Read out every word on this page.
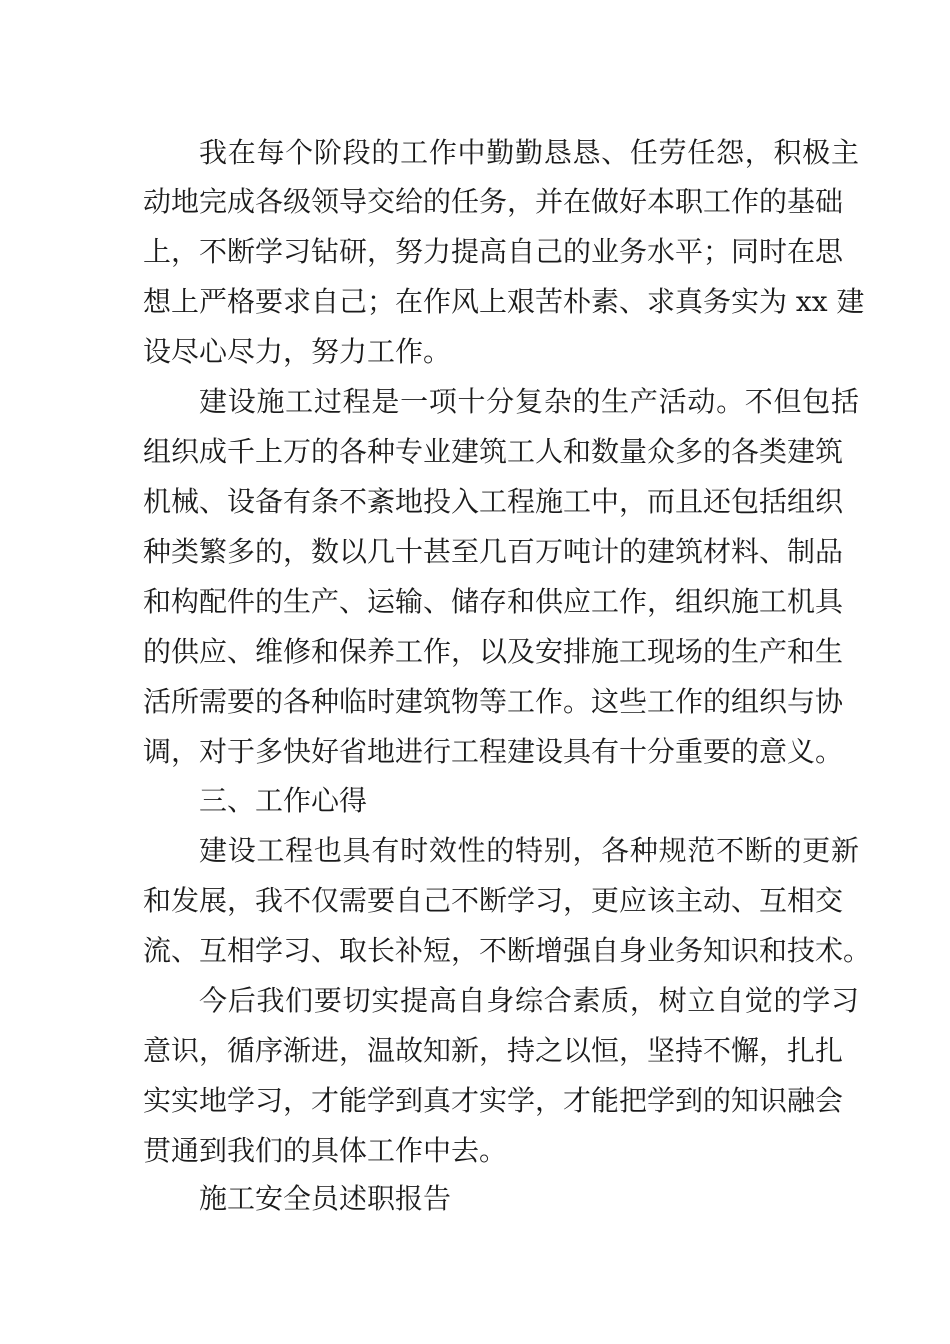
我在每个阶段的工作中勤勤恳恳、任劳任怨，积极主
动地完成各级领导交给的任务，并在做好本职工作的基础
上，不断学习钻研，努力提高自己的业务水平；同时在思
想上严格要求自己；在作风上艰苦朴素、求真务实为 xx 建
设尽心尽力，努力工作。
建设施工过程是一项十分复杂的生产活动。不但包括
组织成千上万的各种专业建筑工人和数量众多的各类建筑
机械、设备有条不紊地投入工程施工中，而且还包括组织
种类繁多的，数以几十甚至几百万吨计的建筑材料、制品
和构配件的生产、运输、储存和供应工作，组织施工机具
的供应、维修和保养工作，以及安排施工现场的生产和生
活所需要的各种临时建筑物等工作。这些工作的组织与协
调，对于多快好省地进行工程建设具有十分重要的意义。
三、工作心得
建设工程也具有时效性的特别，各种规范不断的更新
和发展，我不仅需要自己不断学习，更应该主动、互相交
流、互相学习、取长补短，不断增强自身业务知识和技术。
今后我们要切实提高自身综合素质，树立自觉的学习
意识，循序渐进，温故知新，持之以恒，坚持不懈，扎扎
实实地学习，才能学到真才实学，才能把学到的知识融会
贯通到我们的具体工作中去。
施工安全员述职报告
